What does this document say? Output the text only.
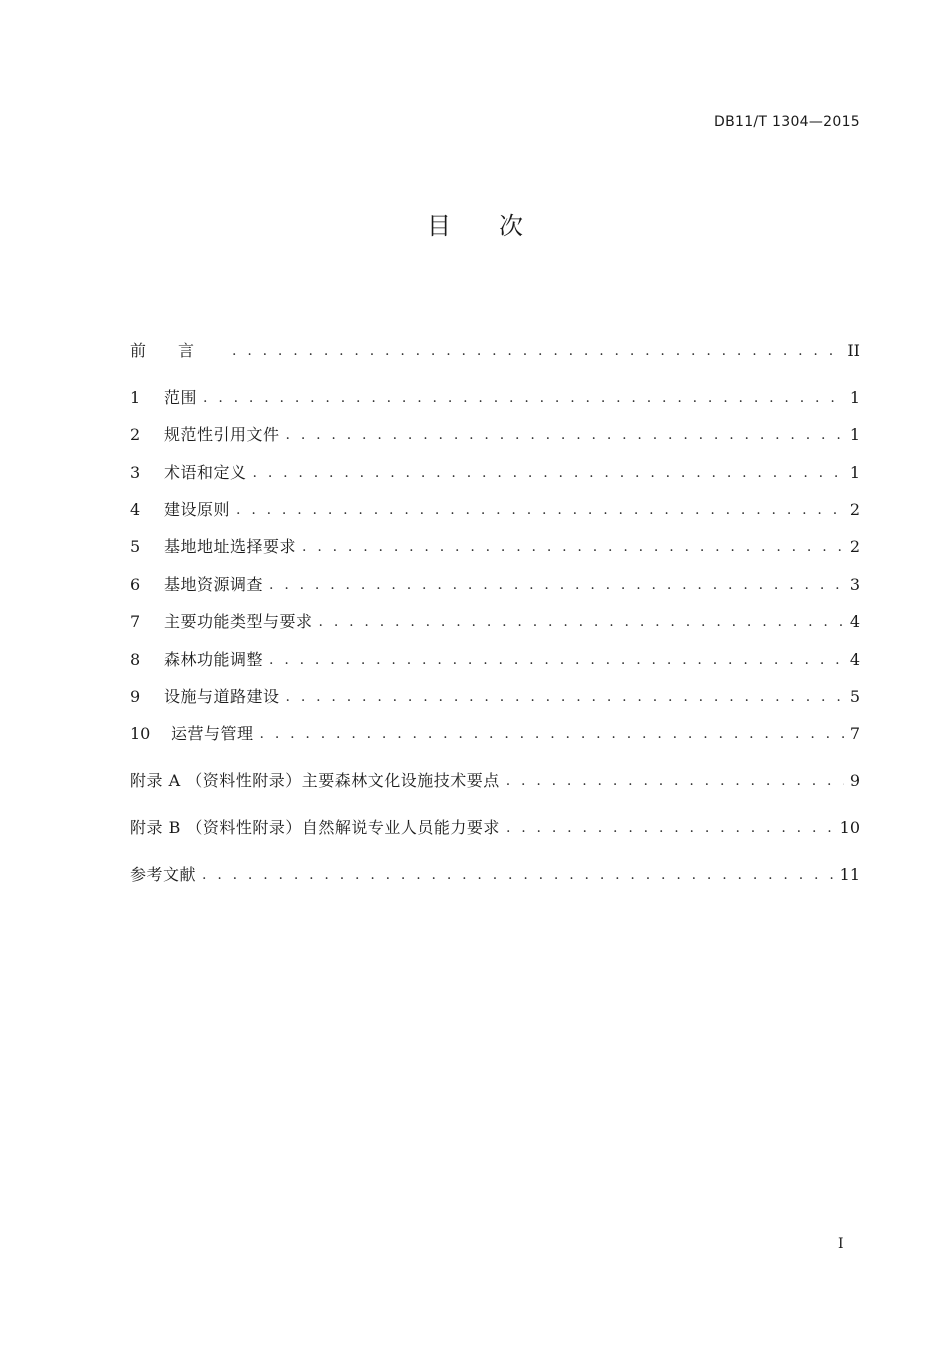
DB11/T 1304—2015
目次
前言 . . .	II
1	范围 . . .	1
2	规范性引用文件 . . .	1
3	术语和定义 . . .	1
4	建设原则 . . .	2
5	基地地址选择要求 . . .	2
6	基地资源调查 . . .	3
7	主要功能类型与要求 . . .	4
8	森林功能调整 . . .	4
9	设施与道路建设 . . .	5
10	运营与管理 . . .	7
附录 A （资料性附录）主要森林文化设施技术要点 . . .	9
附录 B （资料性附录）自然解说专业人员能力要求 . . .	10
参考文献 . . .	11
I
